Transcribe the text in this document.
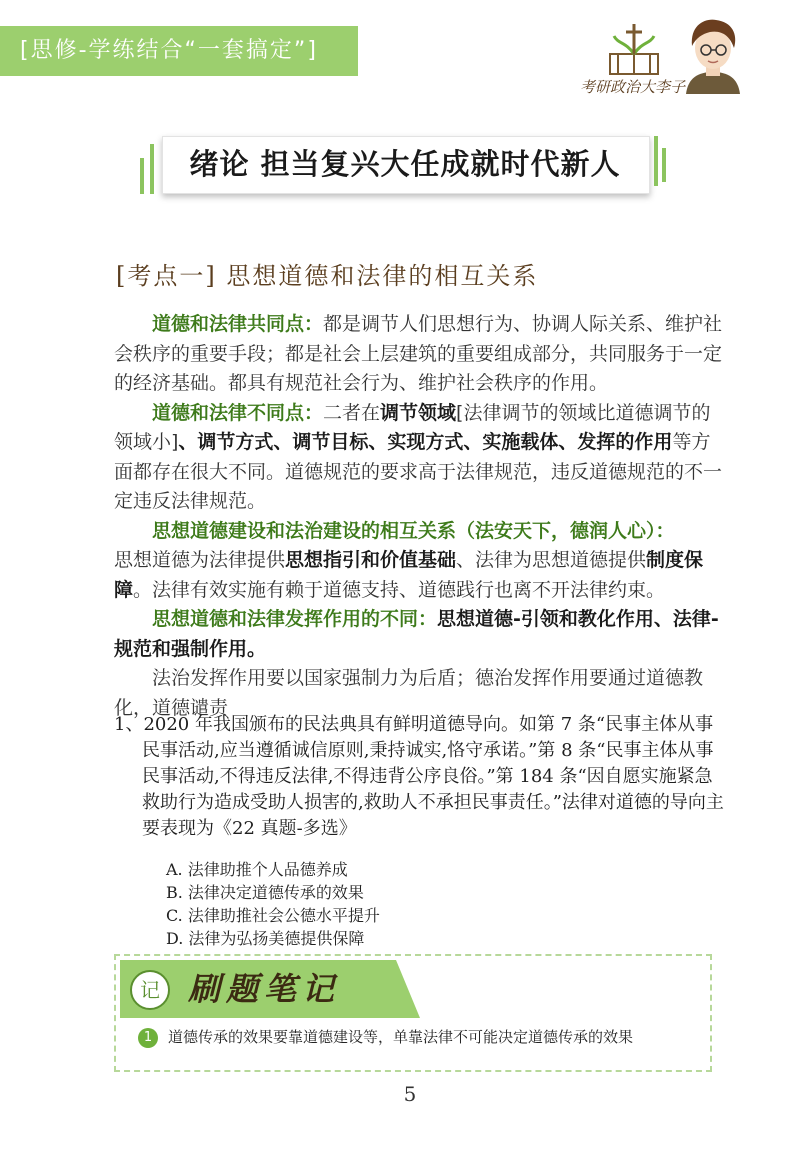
[思修-学练结合“一套搞定”]
考研政治大李子
绪论 担当复兴大任成就时代新人
[考点一] 思想道德和法律的相互关系

道德和法律共同点：都是调节人们思想行为、协调人际关系、维护社会秩序的重要手段；都是社会上层建筑的重要组成部分，共同服务于一定的经济基础。都具有规范社会行为、维护社会秩序的作用。

道德和法律不同点：二者在调节领域[法律调节的领域比道德调节的领域小]、调节方式、调节目标、实现方式、实施载体、发挥的作用等方面都存在很大不同。道德规范的要求高于法律规范，违反道德规范的不一定违反法律规范。

思想道德建设和法治建设的相互关系（法安天下，德润人心）：

思想道德为法律提供思想指引和价值基础、法律为思想道德提供制度保障。法律有效实施有赖于道德支持、道德践行也离不开法律约束。

思想道德和法律发挥作用的不同：思想道德-引领和教化作用、法律-规范和强制作用。

法治发挥作用要以国家强制力为后盾；德治发挥作用要通过道德教化，道德谴责

1、2020 年我国颁布的民法典具有鲜明道德导向。如第 7 条“民事主体从事民事活动,应当遵循诚信原则,秉持诚实,恪守承诺。”第 8 条“民事主体从事民事活动,不得违反法律,不得违背公序良俗。”第 184 条“因自愿实施紧急救助行为造成受助人损害的,救助人不承担民事责任。”法律对道德的导向主要表现为《22 真题-多选》

A. 法律助推个人品德养成
B. 法律决定道德传承的效果
C. 法律助推社会公德水平提升
D. 法律为弘扬美德提供保障
记 刷题笔记
1	道德传承的效果要靠道德建设等，单靠法律不可能决定道德传承的效果
5
